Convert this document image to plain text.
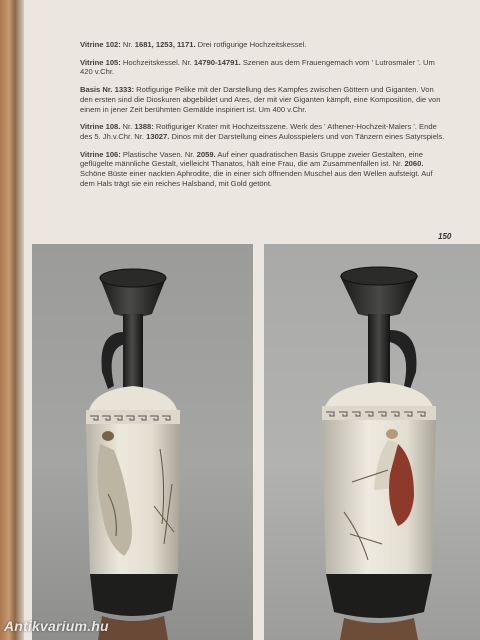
Vitrine 102: Nr. 1681, 1253, 1171. Drei rotfigurige Hochzeitskessel.

Vitrine 105: Hochzeitskessel. Nr. 14790-14791. Szenen aus dem Frauengemach vom ' Lutrosmaler '. Um 420 v.Chr.

Basis Nr. 1333: Rotfigurige Pelike mit der Darstellung des Kampfes zwischen Göttern und Giganten. Von den ersten sind die Dioskuren abgebildet und Ares, der mit vier Giganten kämpft, eine Komposition, die von einem in jener Zeit berühmten Gemälde inspiriert ist. Um 400 v.Chr.

Vitrine 108. Nr. 1388: Rotfiguriger Krater mit Hochzeitsszene. Werk des ' Athener-Hochzeit-Malers '. Ende des 5. Jh.v.Chr. Nr. 13027. Dinos mit der Darstellung eines Aulosspielers und von Tänzern eines Satyrspiels.

Vitrine 106: Plastische Vasen. Nr. 2059. Auf einer quadratischen Basis Gruppe zweier Gestalten, eine geflügelte männliche Gestalt, vielleicht Thanatos, hält eine Frau, die am Zusammenfallen ist. Nr. 2060. Schöne Büste einer nackten Aphrodite, die in einer sich öffnenden Muschel aus den Wellen aufsteigt. Auf dem Hals trägt sie ein reiches Halsband, mit Gold getönt.

150
Antikvarium.hu
